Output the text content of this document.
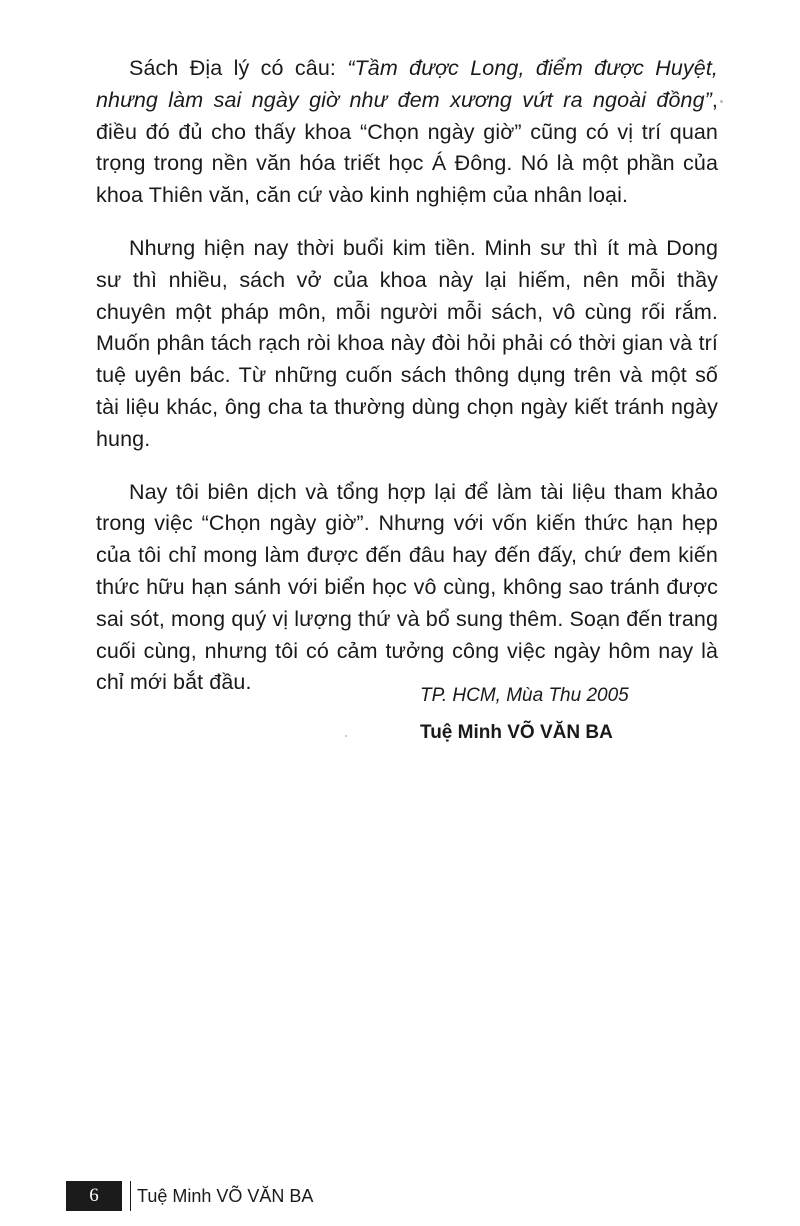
Sách Địa lý có câu: “Tầm được Long, điểm được Huyệt, nhưng làm sai ngày giờ như đem xương vứt ra ngoài đồng”, điều đó đủ cho thấy khoa “Chọn ngày giờ” cũng có vị trí quan trọng trong nền văn hóa triết học Á Đông. Nó là một phần của khoa Thiên văn, căn cứ vào kinh nghiệm của nhân loại.

Nhưng hiện nay thời buổi kim tiền. Minh sư thì ít mà Dong sư thì nhiều, sách vở của khoa này lại hiếm, nên mỗi thầy chuyên một pháp môn, mỗi người mỗi sách, vô cùng rối rắm. Muốn phân tách rạch ròi khoa này đòi hỏi phải có thời gian và trí tuệ uyên bác. Từ những cuốn sách thông dụng trên và một số tài liệu khác, ông cha ta thường dùng chọn ngày kiết tránh ngày hung.

Nay tôi biên dịch và tổng hợp lại để làm tài liệu tham khảo trong việc “Chọn ngày giờ”. Nhưng với vốn kiến thức hạn hẹp của tôi chỉ mong làm được đến đâu hay đến đấy, chứ đem kiến thức hữu hạn sánh với biển học vô cùng, không sao tránh được sai sót, mong quý vị lượng thứ và bổ sung thêm. Soạn đến trang cuối cùng, nhưng tôi có cảm tưởng công việc ngày hôm nay là chỉ mới bắt đầu.

TP. HCM, Mùa Thu 2005
Tuệ Minh VÕ VĂN BA
6	Tuệ Minh VÕ VĂN BA
